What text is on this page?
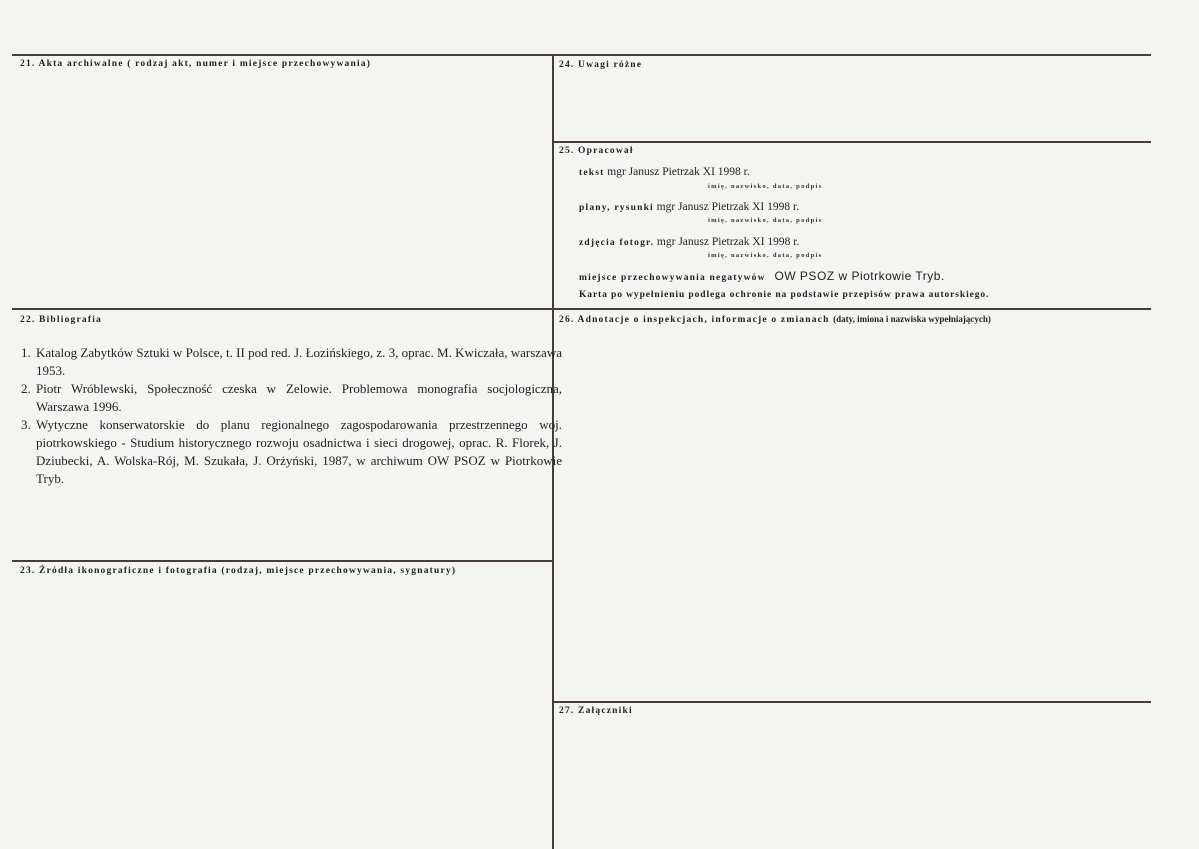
21. Akta archiwalne ( rodzaj akt, numer i miejsce przechowywania)	24. Uwagi różne
25. Opracował
tekst mgr Janusz Pietrzak XI 1998 r.
imię, nazwisko, data, podpis
plany, rysunki mgr Janusz Pietrzak XI 1998 r.
imię, nazwisko, data, podpis
zdjęcia fotogr. mgr Janusz Pietrzak XI 1998 r.
imię, nazwisko, data, podpis
miejsce przechowywania negatywów OW PSOZ w Piotrkowie Tryb.
Karta po wypełnieniu podlega ochronie na podstawie przepisów prawa autorskiego.
22. Bibliografia
1. Katalog Zabytków Sztuki w Polsce, t. II pod red. J. Łozińskiego, z. 3, oprac. M. Kwiczała, warszawa 1953.
2. Piotr Wróblewski, Społeczność czeska w Zelowie. Problemowa monografia socjologiczna, Warszawa 1996.
3. Wytyczne konserwatorskie do planu regionalnego zagospodarowania przestrzennego woj. piotrkowskiego - Studium historycznego rozwoju osadnictwa i sieci drogowej, oprac. R. Florek, J. Dziubecki, A. Wolska-Rój, M. Szukała, J. Orżyński, 1987, w archiwum OW PSOZ w Piotrkowie Tryb.
26. Adnotacje o inspekcjach, informacje o zmianach (daty, imiona i nazwiska wypełniających)
23. Źródła ikonograficzne i fotografia (rodzaj, miejsce przechowywania, sygnatury)
27. Załączniki
